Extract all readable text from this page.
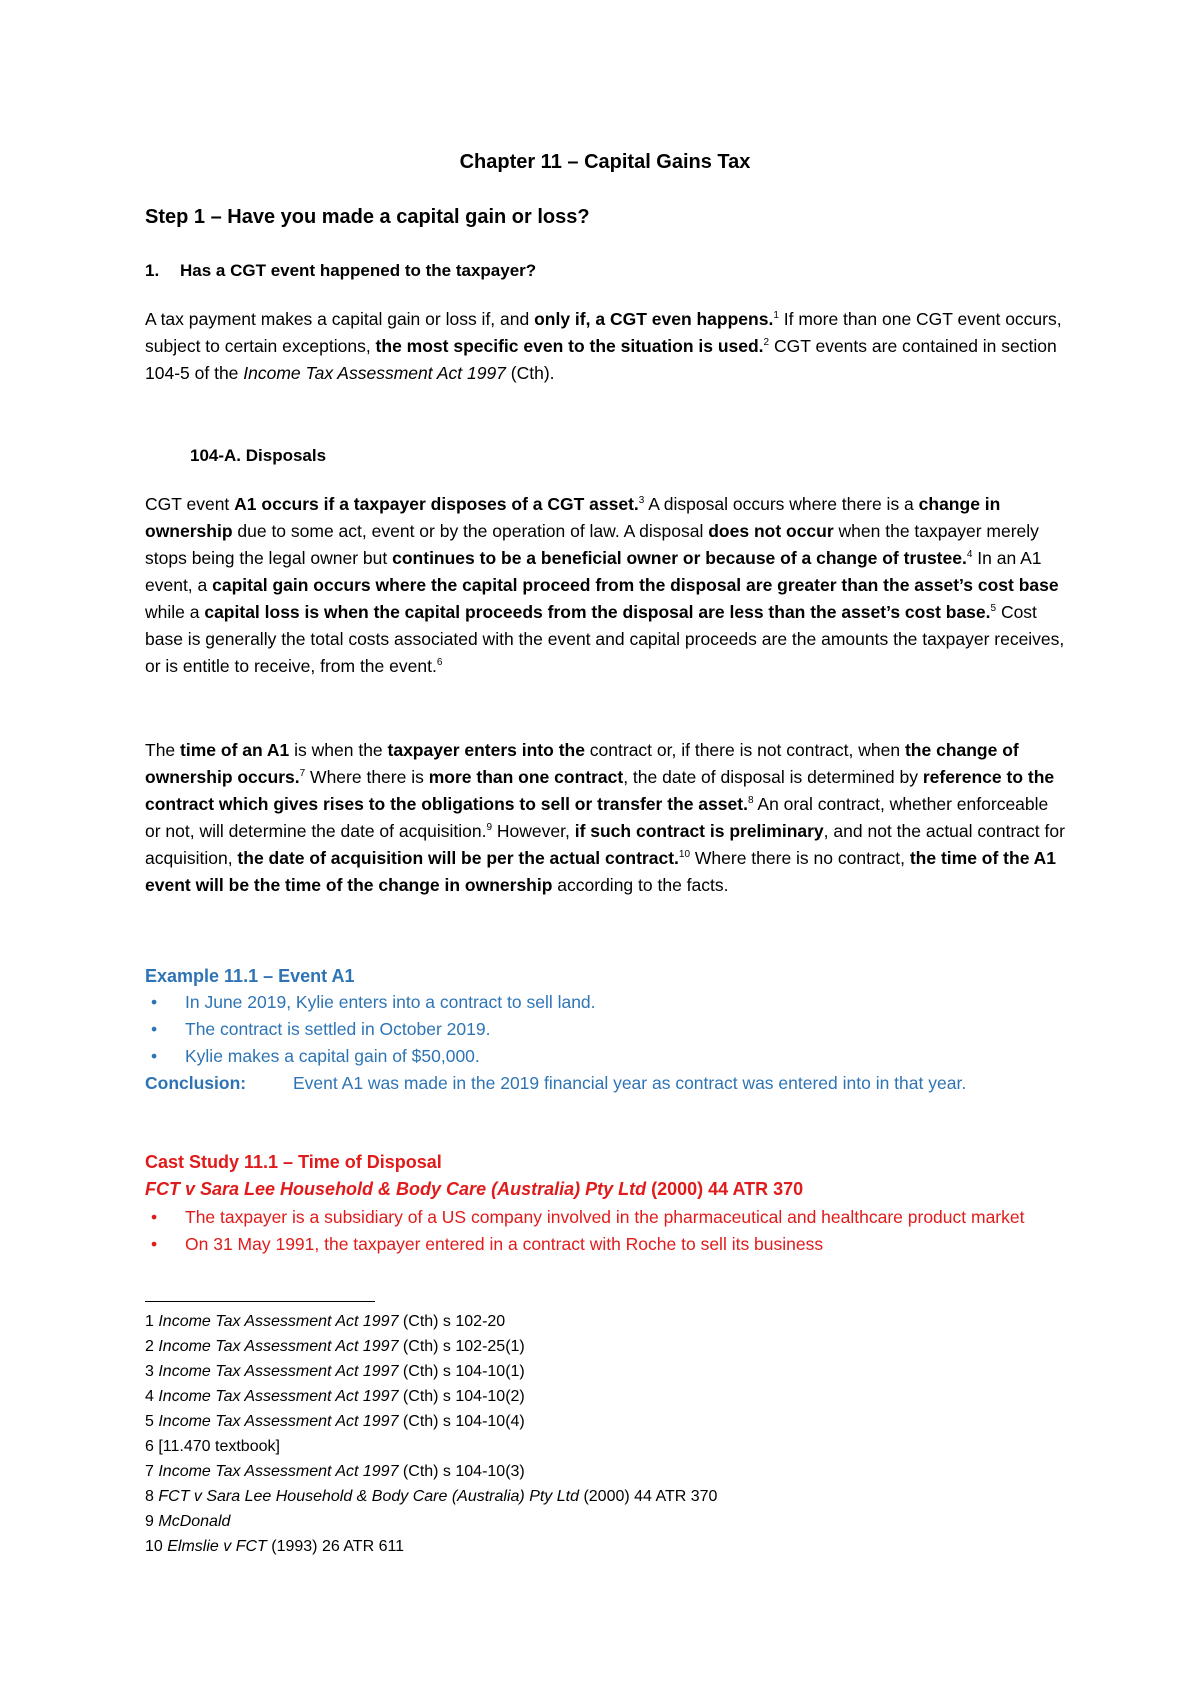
Chapter 11 – Capital Gains Tax
Step 1 – Have you made a capital gain or loss?
1. Has a CGT event happened to the taxpayer?
A tax payment makes a capital gain or loss if, and only if, a CGT even happens.$^1$ If more than one CGT event occurs, subject to certain exceptions, the most specific even to the situation is used.$^2$ CGT events are contained in section 104-5 of the Income Tax Assessment Act 1997 (Cth).
104-A. Disposals
CGT event A1 occurs if a taxpayer disposes of a CGT asset.$^3$ A disposal occurs where there is a change in ownership due to some act, event or by the operation of law. A disposal does not occur when the taxpayer merely stops being the legal owner but continues to be a beneficial owner or because of a change of trustee.$^4$ In an A1 event, a capital gain occurs where the capital proceed from the disposal are greater than the asset’s cost base while a capital loss is when the capital proceeds from the disposal are less than the asset’s cost base.$^5$ Cost base is generally the total costs associated with the event and capital proceeds are the amounts the taxpayer receives, or is entitle to receive, from the event.$^6$
The time of an A1 is when the taxpayer enters into the contract or, if there is not contract, when the change of ownership occurs.$^7$ Where there is more than one contract, the date of disposal is determined by reference to the contract which gives rises to the obligations to sell or transfer the asset.$^8$ An oral contract, whether enforceable or not, will determine the date of acquisition.$^9$ However, if such contract is preliminary, and not the actual contract for acquisition, the date of acquisition will be per the actual contract.$^{10}$ Where there is no contract, the time of the A1 event will be the time of the change in ownership according to the facts.
Example 11.1 – Event A1
• In June 2019, Kylie enters into a contract to sell land.
• The contract is settled in October 2019.
• Kylie makes a capital gain of $50,000.
Conclusion:	Event A1 was made in the 2019 financial year as contract was entered into in that year.
Cast Study 11.1 – Time of Disposal
FCT v Sara Lee Household & Body Care (Australia) Pty Ltd (2000) 44 ATR 370
• The taxpayer is a subsidiary of a US company involved in the pharmaceutical and healthcare product market
• On 31 May 1991, the taxpayer entered in a contract with Roche to sell its business
1 Income Tax Assessment Act 1997 (Cth) s 102-20
2 Income Tax Assessment Act 1997 (Cth) s 102-25(1)
3 Income Tax Assessment Act 1997 (Cth) s 104-10(1)
4 Income Tax Assessment Act 1997 (Cth) s 104-10(2)
5 Income Tax Assessment Act 1997 (Cth) s 104-10(4)
6 [11.470 textbook]
7 Income Tax Assessment Act 1997 (Cth) s 104-10(3)
8 FCT v Sara Lee Household & Body Care (Australia) Pty Ltd (2000) 44 ATR 370
9 McDonald
10 Elmslie v FCT (1993) 26 ATR 611
